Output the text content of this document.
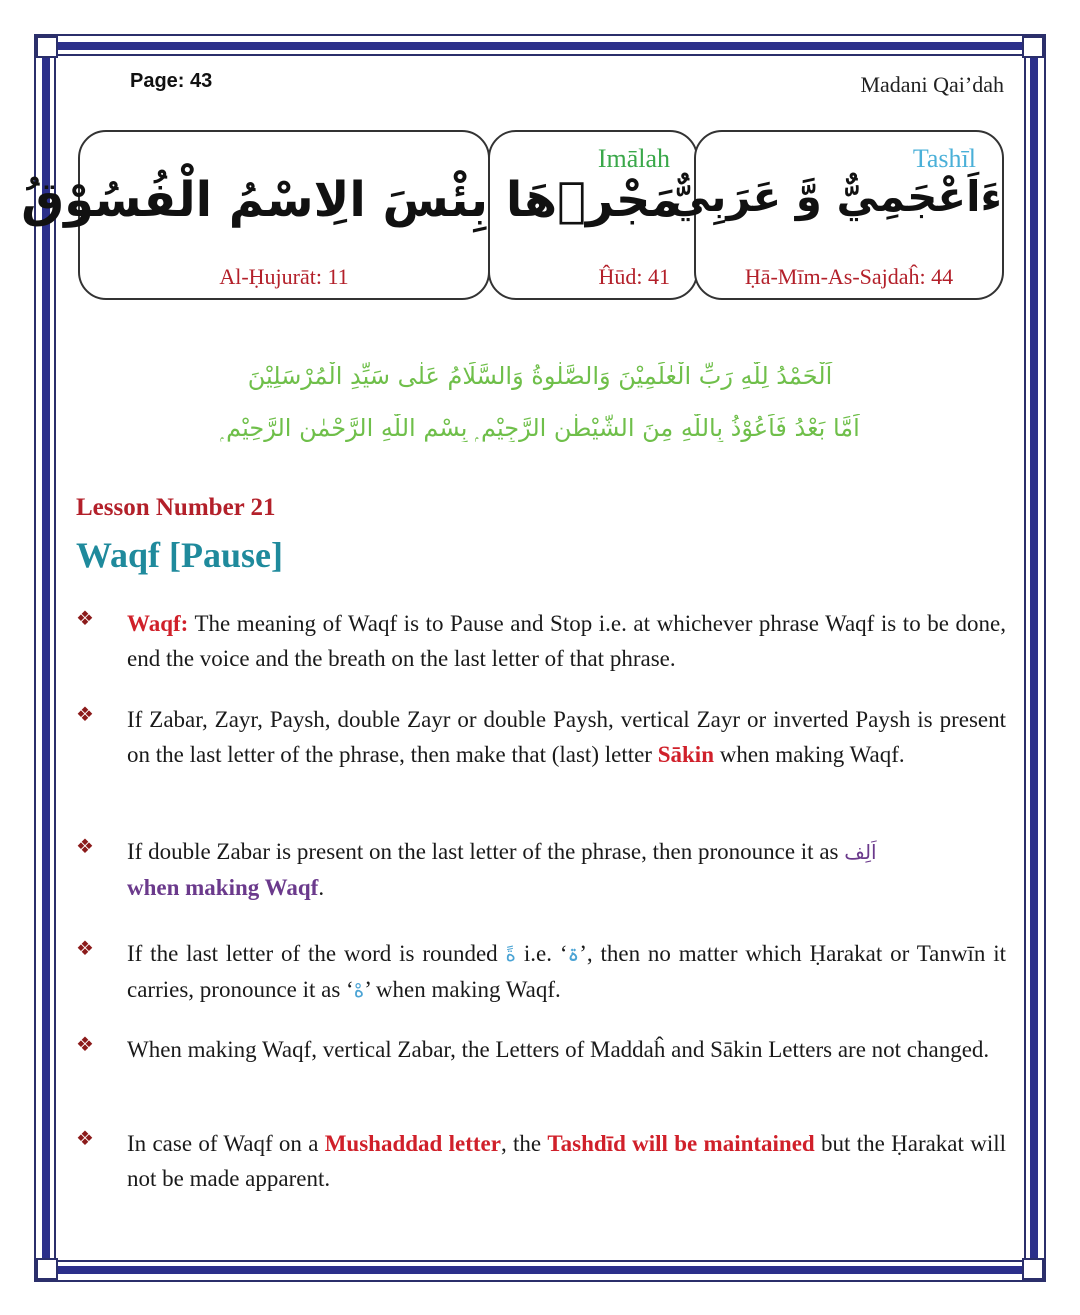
Page: 43	Madani Qai’dah
بِئْسَ الِاسْمُ الْفُسُوْقُ
Al-Ḥujurāt: 11
Imālah
مَجْرٖهَا
Ĥūd: 41
Tashīl
ءَاَعْجَمِيٌّ وَّ عَرَبِيٌّ
Ḥā-Mīm-As-Sajdaĥ: 44
اَلْحَمْدُ لِلّٰهِ رَبِّ الْعٰلَمِيْنَ وَالصَّلٰوةُ وَالسَّلَامُ عَلٰى سَيِّدِ الْمُرْسَلِيْنَ
اَمَّا بَعْدُ فَاَعُوْذُ بِاللّٰهِ مِنَ الشَّيْطٰنِ الرَّجِيْمِ ۭ بِسْمِ اللّٰهِ الرَّحْمٰنِ الرَّحِيْمِ ۭ
Lesson Number 21
Waqf [Pause]
❖	Waqf: The meaning of Waqf is to Pause and Stop i.e. at whichever phrase Waqf is to be done, end the voice and the breath on the last letter of that phrase.
❖	If Zabar, Zayr, Paysh, double Zayr or double Paysh, vertical Zayr or inverted Paysh is present on the last letter of the phrase, then make that (last) letter Sākin when making Waqf.
❖	If double Zabar is present on the last letter of the phrase, then pronounce it as اَلِف
when making Waqf.
❖	If the last letter of the word is rounded ةً i.e. ‘ۃ’, then no matter which Ḥarakat or Tanwīn it carries, pronounce it as ‘هْ’ when making Waqf.
❖	When making Waqf, vertical Zabar, the Letters of Maddaĥ and Sākin Letters are not changed.
❖	In case of Waqf on a Mushaddad letter, the Tashdīd will be maintained but the Ḥarakat will not be made apparent.
